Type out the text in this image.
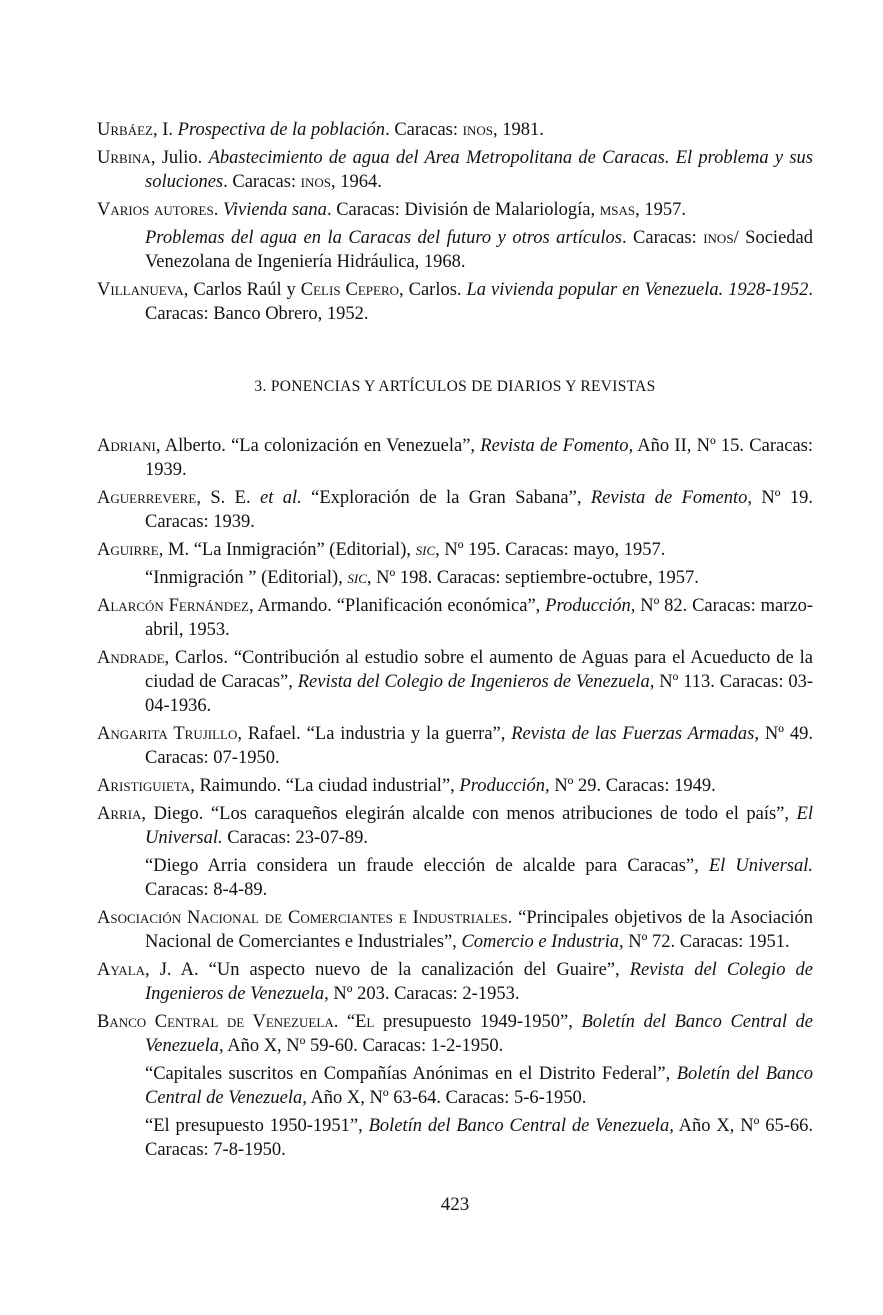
Urbáez, I. Prospectiva de la población. Caracas: inos, 1981.

Urbina, Julio. Abastecimiento de agua del Area Metropolitana de Caracas. El problema y sus soluciones. Caracas: inos, 1964.

Varios autores. Vivienda sana. Caracas: División de Malariología, msas, 1957.

Problemas del agua en la Caracas del futuro y otros artículos. Caracas: inos/ Sociedad Venezolana de Ingeniería Hidráulica, 1968.

Villanueva, Carlos Raúl y Celis Cepero, Carlos. La vivienda popular en Venezuela. 1928-1952. Caracas: Banco Obrero, 1952.

3. PONENCIAS Y ARTÍCULOS DE DIARIOS Y REVISTAS

Adriani, Alberto. “La colonización en Venezuela”, Revista de Fomento, Año II, Nº 15. Caracas: 1939.

Aguerrevere, S. E. et al. “Exploración de la Gran Sabana”, Revista de Fomento, Nº 19. Caracas: 1939.

Aguirre, M. “La Inmigración” (Editorial), sic, Nº 195. Caracas: mayo, 1957.

“Inmigración ” (Editorial), sic, Nº 198. Caracas: septiembre-octubre, 1957.

Alarcón Fernández, Armando. “Planificación económica”, Producción, Nº 82. Caracas: marzo-abril, 1953.

Andrade, Carlos. “Contribución al estudio sobre el aumento de Aguas para el Acueducto de la ciudad de Caracas”, Revista del Colegio de Ingenieros de Venezuela, Nº 113. Caracas: 03-04-1936.

Angarita Trujillo, Rafael. “La industria y la guerra”, Revista de las Fuerzas Armadas, Nº 49. Caracas: 07-1950.

Aristiguieta, Raimundo. “La ciudad industrial”, Producción, Nº 29. Caracas: 1949.

Arria, Diego. “Los caraqueños elegirán alcalde con menos atribuciones de todo el país”, El Universal. Caracas: 23-07-89.

“Diego Arria considera un fraude elección de alcalde para Caracas”, El Universal. Caracas: 8-4-89.

Asociación Nacional de Comerciantes e Industriales. “Principales objetivos de la Asociación Nacional de Comerciantes e Industriales”, Comercio e Industria, Nº 72. Caracas: 1951.

Ayala, J. A. “Un aspecto nuevo de la canalización del Guaire”, Revista del Colegio de Ingenieros de Venezuela, Nº 203. Caracas: 2-1953.

Banco Central de Venezuela. “El presupuesto 1949-1950”, Boletín del Banco Central de Venezuela, Año X, Nº 59-60. Caracas: 1-2-1950.

“Capitales suscritos en Compañías Anónimas en el Distrito Federal”, Boletín del Banco Central de Venezuela, Año X, Nº 63-64. Caracas: 5-6-1950.

“El presupuesto 1950-1951”, Boletín del Banco Central de Venezuela, Año X, Nº 65-66. Caracas: 7-8-1950.

423
